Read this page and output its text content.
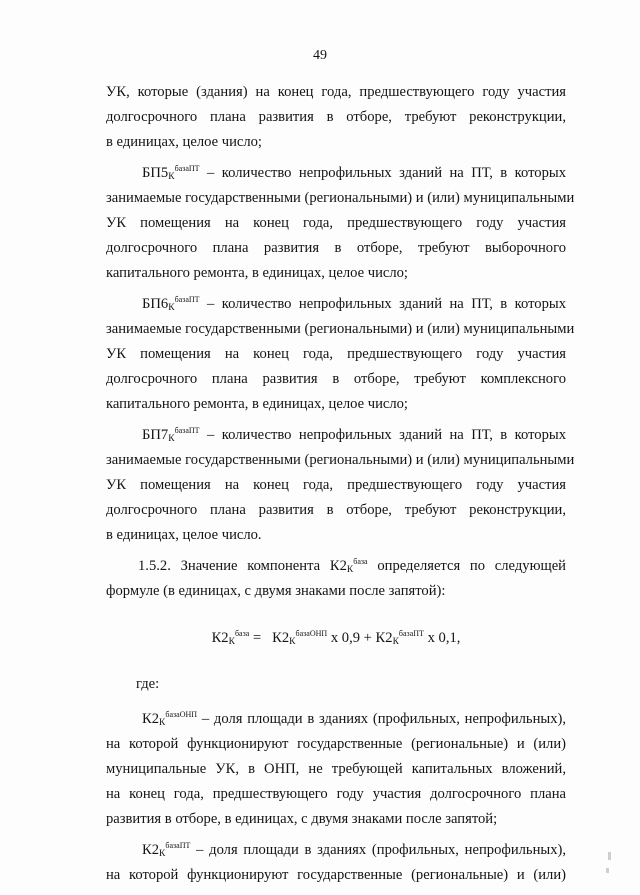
49
УК, которые (здания) на конец года, предшествующего году участия
долгосрочного плана развития в отборе, требуют реконструкции,
в единицах, целое число;
$БП5_К^{базаПТ}$ – количество непрофильных зданий на ПТ, в которых
занимаемые государственными (региональными) и (или) муниципальными
УК помещения на конец года, предшествующего году участия
долгосрочного плана развития в отборе, требуют выборочного
капитального ремонта, в единицах, целое число;
$БП6_К^{базаПТ}$ – количество непрофильных зданий на ПТ, в которых
занимаемые государственными (региональными) и (или) муниципальными
УК помещения на конец года, предшествующего году участия
долгосрочного плана развития в отборе, требуют комплексного
капитального ремонта, в единицах, целое число;
$БП7_К^{базаПТ}$ – количество непрофильных зданий на ПТ, в которых
занимаемые государственными (региональными) и (или) муниципальными
УК помещения на конец года, предшествующего году участия
долгосрочного плана развития в отборе, требуют реконструкции,
в единицах, целое число.
1.5.2. Значение компонента $К2_К^{база}$ определяется по следующей
формуле (в единицах, с двумя знаками после запятой):
$К2_К^{база} = К2_К^{базаОНП}$ х $0,9 + К2_К^{базаПТ}$ х 0,1,
где:
$К2_К^{базаОНП}$ – доля площади в зданиях (профильных, непрофильных),
на которой функционируют государственные (региональные) и (или)
муниципальные УК, в ОНП, не требующей капитальных вложений,
на конец года, предшествующего году участия долгосрочного плана
развития в отборе, в единицах, с двумя знаками после запятой;
$К2_К^{базаПТ}$ – доля площади в зданиях (профильных, непрофильных),
на которой функционируют государственные (региональные) и (или)
